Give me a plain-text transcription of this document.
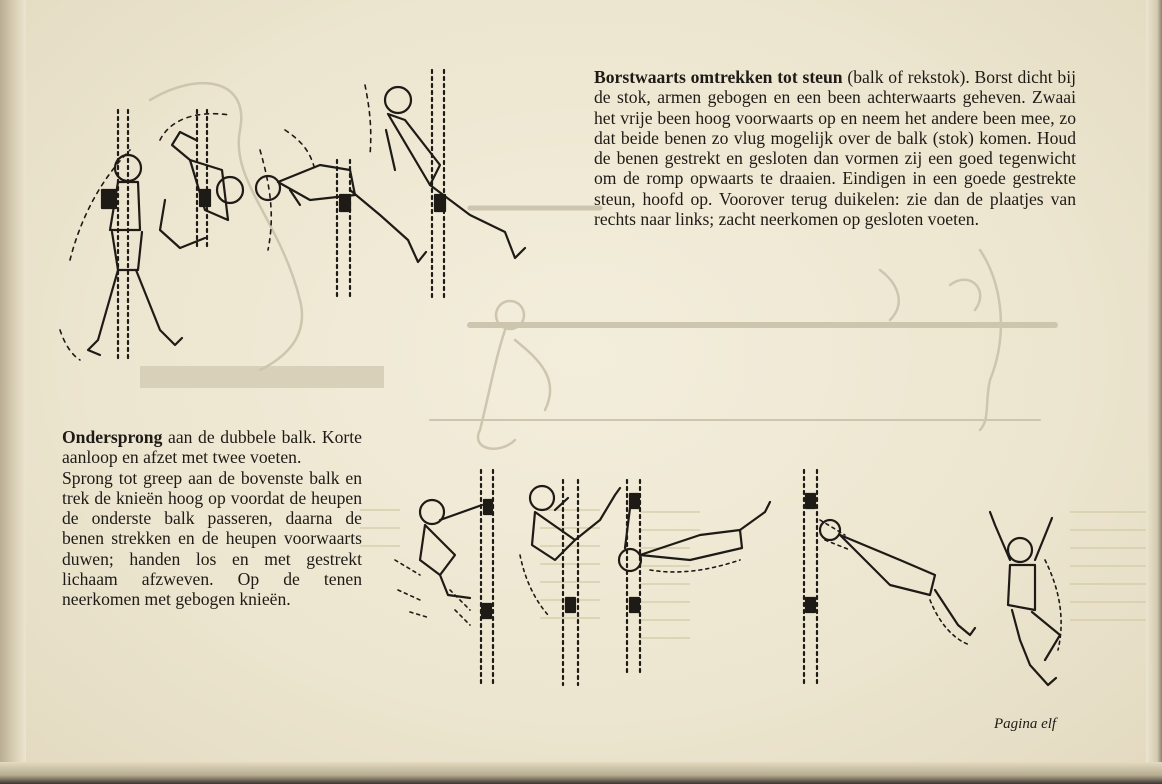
Borstwaarts omtrekken tot steun (balk of rekstok). Borst dicht bij de stok, armen gebogen en een been achterwaarts geheven. Zwaai het vrije been hoog voorwaarts op en neem het andere been mee, zo dat beide benen zo vlug mogelijk over de balk (stok) komen. Houd de benen gestrekt en gesloten dan vormen zij een goed tegenwicht om de romp opwaarts te draaien. Eindigen in een goede gestrekte steun, hoofd op. Voorover terug duikelen: zie dan de plaatjes van rechts naar links; zacht neerkomen op gesloten voeten.
Ondersprong aan de dubbele balk. Korte aanloop en afzet met twee voeten.
Sprong tot greep aan de bovenste balk en trek de knieën hoog op voordat de heupen de onderste balk passeren, daarna de benen strekken en de heupen voorwaarts duwen; handen los en met gestrekt lichaam afzweven. Op de tenen neerkomen met gebogen knieën.
Pagina elf
